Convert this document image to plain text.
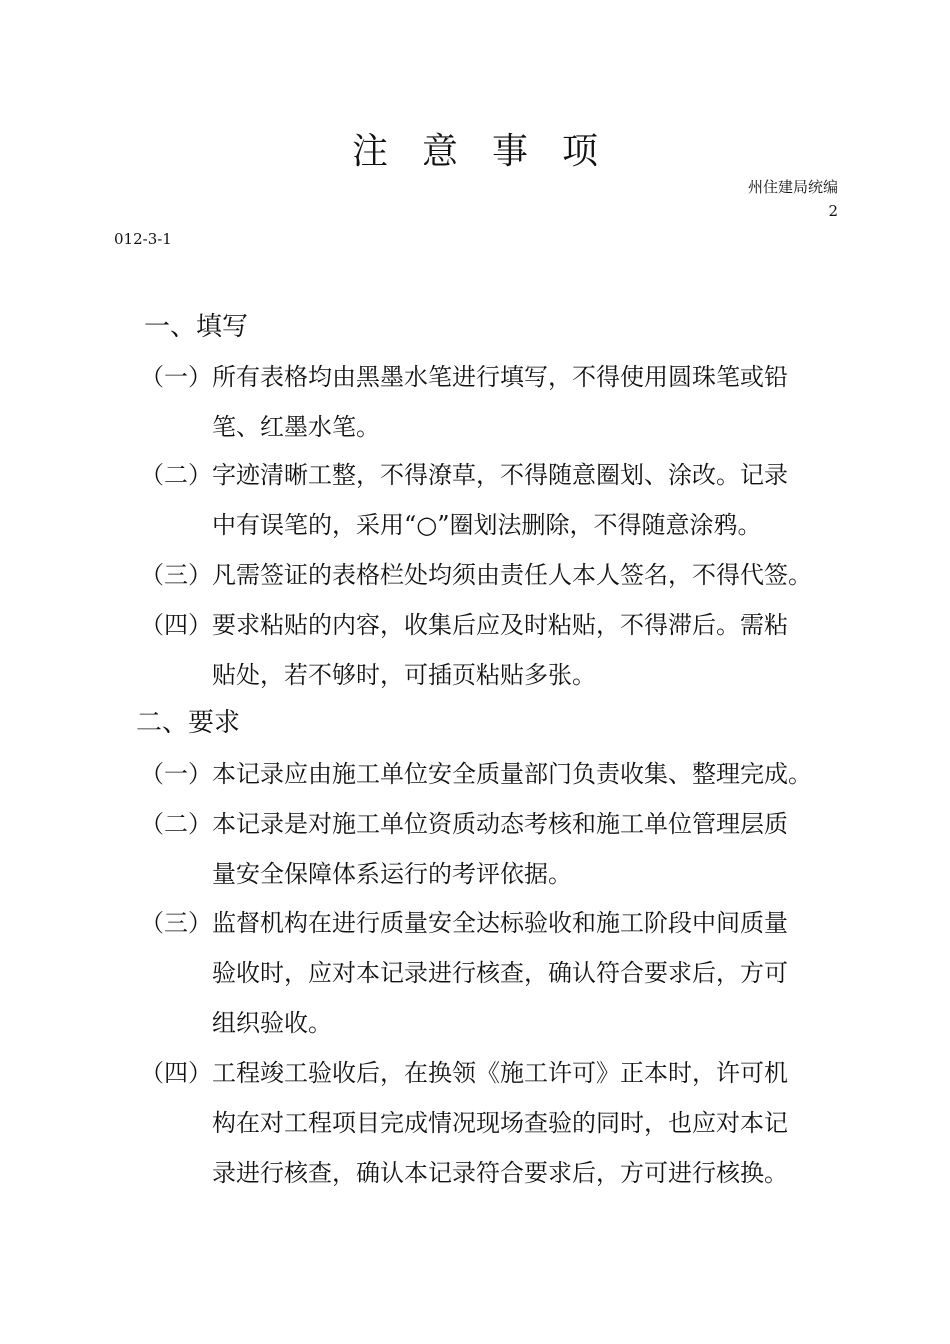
注意事项
州住建局统编
2
012-3-1
一、填写
（一） 所有表格均由黑墨水笔进行填写，不得使用圆珠笔或铅
笔、红墨水笔。
（二） 字迹清晰工整，不得潦草，不得随意圈划、涂改。记录
中有误笔的，采用“○”圈划法删除，不得随意涂鸦。
（三） 凡需签证的表格栏处均须由责任人本人签名，不得代签。
（四） 要求粘贴的内容，收集后应及时粘贴，不得滞后。需粘
贴处，若不够时，可插页粘贴多张。
二、要求
（一） 本记录应由施工单位安全质量部门负责收集、整理完成。
（二） 本记录是对施工单位资质动态考核和施工单位管理层质
量安全保障体系运行的考评依据。
（三） 监督机构在进行质量安全达标验收和施工阶段中间质量
验收时，应对本记录进行核查，确认符合要求后，方可
组织验收。
（四） 工程竣工验收后，在换领《施工许可》正本时，许可机
构在对工程项目完成情况现场查验的同时，也应对本记
录进行核查，确认本记录符合要求后，方可进行核换。
